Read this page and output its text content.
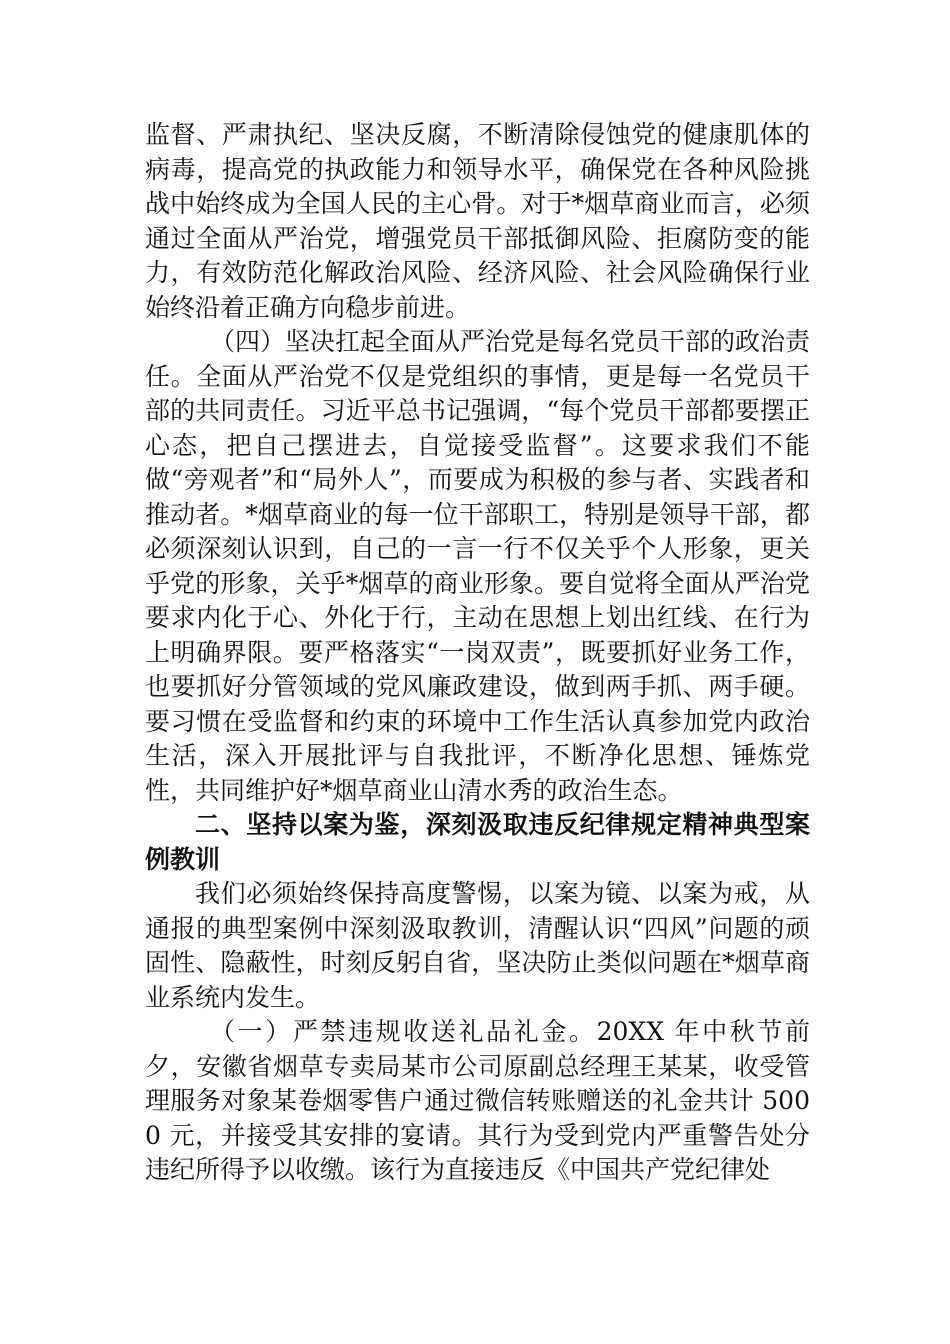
监督、严肃执纪、坚决反腐，不断清除侵蚀党的健康肌体的病毒，提高党的执政能力和领导水平，确保党在各种风险挑战中始终成为全国人民的主心骨。对于*烟草商业而言，必须通过全面从严治党，增强党员干部抵御风险、拒腐防变的能力，有效防范化解政治风险、经济风险、社会风险确保行业始终沿着正确方向稳步前进。

（四）坚决扛起全面从严治党是每名党员干部的政治责任。全面从严治党不仅是党组织的事情，更是每一名党员干部的共同责任。习近平总书记强调，“每个党员干部都要摆正心态，把自己摆进去，自觉接受监督”。这要求我们不能做“旁观者”和“局外人”，而要成为积极的参与者、实践者和推动者。*烟草商业的每一位干部职工，特别是领导干部，都必须深刻认识到，自己的一言一行不仅关乎个人形象，更关乎党的形象，关乎*烟草的商业形象。要自觉将全面从严治党要求内化于心、外化于行，主动在思想上划出红线、在行为上明确界限。要严格落实“一岗双责”，既要抓好业务工作，也要抓好分管领域的党风廉政建设，做到两手抓、两手硬。要习惯在受监督和约束的环境中工作生活认真参加党内政治生活，深入开展批评与自我批评，不断净化思想、锤炼党性，共同维护好*烟草商业山清水秀的政治生态。

二、坚持以案为鉴，深刻汲取违反纪律规定精神典型案例教训

我们必须始终保持高度警惕，以案为镜、以案为戒，从通报的典型案例中深刻汲取教训，清醒认识“四风”问题的顽固性、隐蔽性，时刻反躬自省，坚决防止类似问题在*烟草商业系统内发生。

（一）严禁违规收送礼品礼金。20XX 年中秋节前夕，安徽省烟草专卖局某市公司原副总经理王某某，收受管理服务对象某卷烟零售户通过微信转账赠送的礼金共计 5000 元，并接受其安排的宴请。其行为受到党内严重警告处分违纪所得予以收缴。该行为直接违反《中国共产党纪律处
